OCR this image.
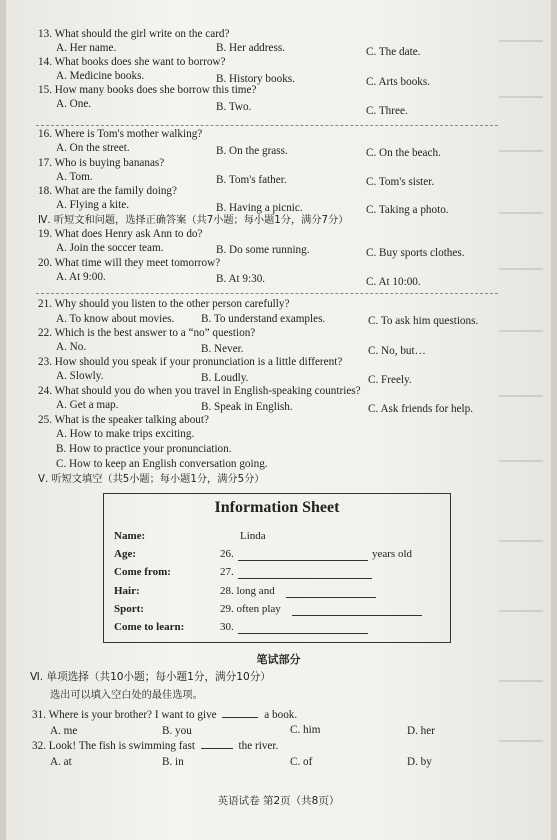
13. What should the girl write on the card?
A. Her name.	B. Her address.	C. The date.
14. What books does she want to borrow?
A. Medicine books.	B. History books.	C. Arts books.
15. How many books does she borrow this time?
A. One.	B. Two.	C. Three.
16. Where is Tom's mother walking?
A. On the street.	B. On the grass.	C. On the beach.
17. Who is buying bananas?
A. Tom.	B. Tom's father.	C. Tom's sister.
18. What are the family doing?
A. Flying a kite.	B. Having a picnic.	C. Taking a photo.
Ⅳ. 听短文和问题，选择正确答案（共7小题；每小题1分，满分7分）
19. What does Henry ask Ann to do?
A. Join the soccer team.	B. Do some running.	C. Buy sports clothes.
20. What time will they meet tomorrow?
A. At 9:00.	B. At 9:30.	C. At 10:00.
21. Why should you listen to the other person carefully?
A. To know about movies. B. To understand examples.	C. To ask him questions.
22. Which is the best answer to a “no” question?
A. No.	B. Never.	C. No, but…
23. How should you speak if your pronunciation is a little different?
A. Slowly.	B. Loudly.	C. Freely.
24. What should you do when you travel in English-speaking countries?
A. Get a map.	B. Speak in English.	C. Ask friends for help.
25. What is the speaker talking about?
A. How to make trips exciting.
B. How to practice your pronunciation.
C. How to keep an English conversation going.
Ⅴ. 听短文填空（共5小题；每小题1分，满分5分）
Information Sheet
Name:	Linda
Age:	26.	years old
Come from:	27.
Hair:	28. long and
Sport:	29. often play
Come to learn:	30.
笔试部分
Ⅵ. 单项选择（共10小题；每小题1分，满分10分）
选出可以填入空白处的最佳选项。
31. Where is your brother? I want to give	a book.
A. me	B. you	C. him	D. her
32. Look! The fish is swimming fast	the river.
A. at	B. in	C. of	D. by
英语试卷 第2页（共8页）
